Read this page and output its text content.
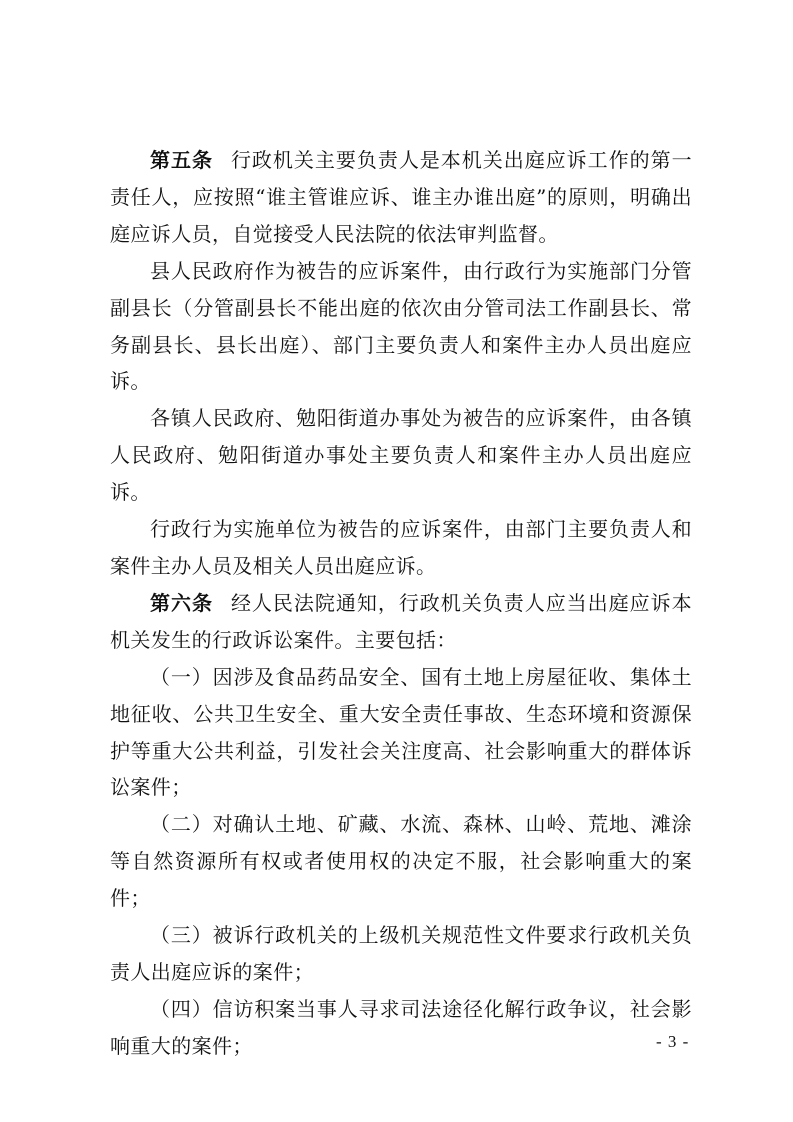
第五条 行政机关主要负责人是本机关出庭应诉工作的第一责任人，应按照“谁主管谁应诉、谁主办谁出庭”的原则，明确出庭应诉人员，自觉接受人民法院的依法审判监督。

县人民政府作为被告的应诉案件，由行政行为实施部门分管副县长（分管副县长不能出庭的依次由分管司法工作副县长、常务副县长、县长出庭）、部门主要负责人和案件主办人员出庭应诉。

各镇人民政府、勉阳街道办事处为被告的应诉案件，由各镇人民政府、勉阳街道办事处主要负责人和案件主办人员出庭应诉。

行政行为实施单位为被告的应诉案件，由部门主要负责人和案件主办人员及相关人员出庭应诉。

第六条 经人民法院通知，行政机关负责人应当出庭应诉本机关发生的行政诉讼案件。主要包括：

（一）因涉及食品药品安全、国有土地上房屋征收、集体土地征收、公共卫生安全、重大安全责任事故、生态环境和资源保护等重大公共利益，引发社会关注度高、社会影响重大的群体诉讼案件；

（二）对确认土地、矿藏、水流、森林、山岭、荒地、滩涂等自然资源所有权或者使用权的决定不服，社会影响重大的案件；

（三）被诉行政机关的上级机关规范性文件要求行政机关负责人出庭应诉的案件；

（四）信访积案当事人寻求司法途径化解行政争议，社会影响重大的案件；	- 3 -
